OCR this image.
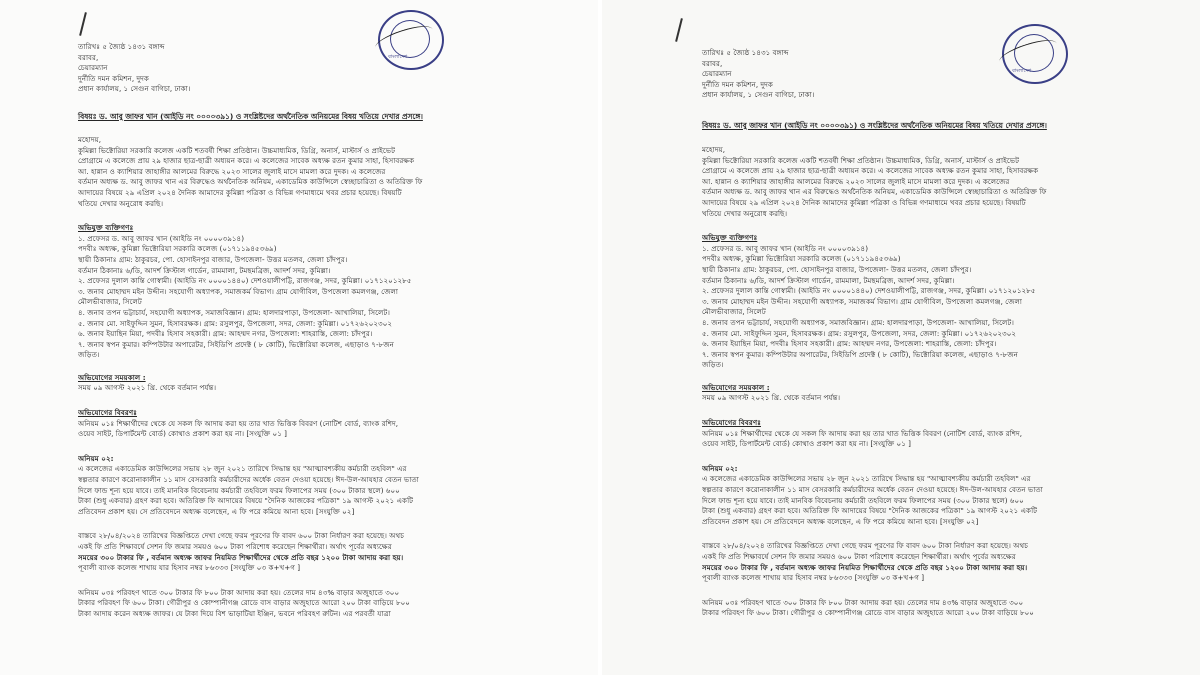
বাংলাদেশ
তারিখঃ ৫ জ্যৈষ্ঠ ১৪৩১ বঙ্গাব্দ
বরাবর,
চেয়ারম্যান
দুর্নীতি দমন কমিশন, দুদক
প্রধান কার্যালয়, ১ সেগুন বাগিচা, ঢাকা।
বিষয়ঃ ড. আবু জাফর খান (আইডি নং ০০০০৩৯১) ও সংশ্লিষ্টদের অর্থনৈতিক অনিয়মের বিষয় খতিয়ে দেখার প্রসঙ্গে।
মহোদয়,
কুমিল্লা ভিক্টোরিয়া সরকারি কলেজ একটি শতবর্ষী শিক্ষা প্রতিষ্ঠান। উচ্চমাধ্যমিক, ডিগ্রি, অনার্স, মাস্টার্স ও প্রাইভেট
প্রোগ্রামে এ কলেজে প্রায় ২৯ হাজার ছাত্র-ছাত্রী অধ্যয়ন করে। এ কলেজের সাবেক অধ্যক্ষ রতন কুমার সাহা, হিসাবরক্ষক
আ. হান্নান ও ক্যাশিয়ার জাহাঙ্গীর আলমের বিরুদ্ধে ২০২৩ সালের জুলাই মাসে মামলা করে দুদক। এ কলেজের
বর্তমান অধ্যক্ষ ড. আবু জাফর খান এর বিরুদ্ধেও অর্থনৈতিক অনিয়ম, একাডেমিক কাউন্সিলে স্বেচ্ছাচারিতা ও অতিরিক্ত ফি
আদায়ের বিষয়ে ২৯ এপ্রিল ২০২৪ দৈনিক আমাদের কুমিল্লা পত্রিকা ও বিভিন্ন গণমাধ্যমে খবর প্রচার হয়েছে। বিষয়টি
খতিয়ে দেখার অনুরোধ করছি।
অভিযুক্ত ব্যক্তিগণঃ
১. প্রফেসর ড. আবু জাফর খান (আইডি নং ০০০০৩৯১৪)
পদবীঃ অধ্যক্ষ, কুমিল্লা ভিক্টোরিয়া সরকারি কলেজ (০১৭১১৯৪৫৩৬৯)
স্থায়ী ঠিকানাঃ গ্রাম: ঠাকুরচর, পো. হোসাইনপুর বাজার, উপজেলা- উত্তর মতলব, জেলা চাঁদপুর।
বর্তমান ঠিকানাঃ ৬/ডি, আদর্শ ক্রিস্টাল গার্ডেন, রামমালা, টমছমব্রিজ, আদর্শ সদর, কুমিল্লা।
২. প্রফেসর দুলাল কান্তি গোস্বামী। (আইডি নং ০০০০১৪৪০) দেশওয়ালীপট্টি, রাজগঞ্জ, সদর, কুমিল্লা। ০১৭১২০১২৮৫
৩. জনাব মোহাম্মদ মইন উদ্দীন। সহযোগী অধ্যাপক, সমাজকর্ম বিভাগ। গ্রাম যোগীবিল, উপজেলা কমলগঞ্জ, জেলা
মৌলভীবাজার, সিলেট
৪. জনাব তপন ভট্টাচার্য, সহযোগী অধ্যাপক, সমাজবিজ্ঞান। গ্রাম: হালদারপাড়া, উপজেলা- আখালিয়া, সিলেট।
৫. জনাব মো. সাইফুদ্দিন সুমন, হিসাবরক্ষক। গ্রাম: রসুলপুর, উপজেলা, সদর, জেলা: কুমিল্লা। ০১৭২৬২০২৩০২
৬. জনাব ইয়াছিন মিয়া, পদবীঃ হিসাব সহকারী। গ্রাম: আহম্মদ নগর, উপজেলা: শাহরাস্তি, জেলা: চাঁদপুর।
৭. জনাব স্বপন কুমার। কম্পিউটার অপারেটর, সিইডিপি প্রদেক্ট ( ৮ কোটি), ভিক্টোরিয়া কলেজ, এছাড়াও ৭-৮জন
জড়িত।
অভিযোগের সময়কাল :
সময় ০৯ আগস্ট ২০২১ খ্রি. থেকে বর্তমান পর্যন্ত।
অভিযোগের বিবরণঃ
অনিয়ম ০১ঃ শিক্ষার্থীদের থেকে যে সকল ফি আদায় করা হয় তার খাত ভিত্তিক বিবরণ (নোটিশ বোর্ড, ব্যাংক রশিদ,
ওয়েব সাইট, ডিপার্টমেন্ট বোর্ড) কোথাও প্রকাশ করা হয় না। [সংযুক্তি ০১ ]
অনিয়ম ০২:
এ কলেজের একাডেমিক কাউন্সিলের সভায় ২৮ জুন ২০২১ তারিখে সিদ্ধান্ত হয় "আত্মাবশ্যকীয় কর্মচারী তহবিল" এর
স্বল্পতার কারণে করোনাকালীন ১১ মাস বেসরকারি কর্মচারীদের অর্ধেক বেতন দেওয়া হয়েছে। ঈদ-উল-আযহার বেতন ভাতা
দিলে ফান্ড শূন্য হয়ে যাবে। তাই মানবিক বিবেচনায় কর্মচারী তহবিলে ফরম ফিলাপের সময় (৩০০ টাকার স্থলে) ৬০০
টাকা (শুধু একবার) গ্রহণ করা হবে। অতিরিক্ত ফি আদায়ের বিষয়ে "দৈনিক আজকের পত্রিকা" ১৯ আগস্ট ২০২১ একটি
প্রতিবেদন প্রকাশ হয়। সে প্রতিবেদনে অধ্যক্ষ বলেছেন, এ ফি পরে কমিয়ে আনা হবে। [সংযুক্তি ০২]
বাস্তবে ২৮/০৪/২০২৪ তারিখের বিজ্ঞপ্তিতে দেখা গেছে ফরম পূরণের ফি বাবদ ৬০০ টাকা নির্ধারণ করা হয়েছে। অথচ
একই ফি প্রতি শিক্ষাবর্ষে সেশন ফি জমার সময়ও ৬০০ টাকা পরিশোধ করেছেন শিক্ষার্থীরা। অর্থাৎ পূর্বের অধ্যক্ষের
সময়ের ৩০০ টাকার ফি , বর্তমান অধ্যক্ষ জাফর নিয়মিত শিক্ষার্থীদের থেকে প্রতি বছর ১২০০ টাকা আদায় করা হয়।
পূবালী ব্যাংক কলেজ শাখায় যার হিসাব নম্বর ৮৬৩৩৩ [সংযুক্তি ০৩ ক+খ+গ ]
অনিয়ম ০৩ঃ পরিবহণ খাতে ৩০০ টাকার ফি ৮০০ টাকা আদায় করা হয়। তেলের দাম ৪৩% বাড়ার অজুহাতে ৩০০
টাকার পরিবহণ ফি ৬০০ টাকা। গৌরীপুর ও কোম্পানীগঞ্জ রোডে বাস বাড়ার অজুহাতে আরো ২০০ টাকা বাড়িয়ে ৮০০
টাকা আদায় করেন অধ্যক্ষ জাফর। যে টাকা দিয়ে বিশ ভাড়াটিয়া ইঞ্জিন, ভবনে পরিবহণ রুটিন। এর পরবর্তী যাত্রা
বাংলাদেশ
তারিখঃ ৫ জ্যৈষ্ঠ ১৪৩১ বঙ্গাব্দ
বরাবর,
চেয়ারম্যান
দুর্নীতি দমন কমিশন, দুদক
প্রধান কার্যালয়, ১ সেগুন বাগিচা, ঢাকা।
বিষয়ঃ ড. আবু জাফর খান (আইডি নং ০০০০৩৯১) ও সংশ্লিষ্টদের অর্থনৈতিক অনিয়মের বিষয় খতিয়ে দেখার প্রসঙ্গে।
মহোদয়,
কুমিল্লা ভিক্টোরিয়া সরকারি কলেজ একটি শতবর্ষী শিক্ষা প্রতিষ্ঠান। উচ্চমাধ্যমিক, ডিগ্রি, অনার্স, মাস্টার্স ও প্রাইভেট
প্রোগ্রামে এ কলেজে প্রায় ২৯ হাজার ছাত্র-ছাত্রী অধ্যয়ন করে। এ কলেজের সাবেক অধ্যক্ষ রতন কুমার সাহা, হিসাবরক্ষক
আ. হান্নান ও ক্যাশিয়ার জাহাঙ্গীর আলমের বিরুদ্ধে ২০২৩ সালের জুলাই মাসে মামলা করে দুদক। এ কলেজের
বর্তমান অধ্যক্ষ ড. আবু জাফর খান এর বিরুদ্ধেও অর্থনৈতিক অনিয়ম, একাডেমিক কাউন্সিলে স্বেচ্ছাচারিতা ও অতিরিক্ত ফি
আদায়ের বিষয়ে ২৯ এপ্রিল ২০২৪ দৈনিক আমাদের কুমিল্লা পত্রিকা ও বিভিন্ন গণমাধ্যমে খবর প্রচার হয়েছে। বিষয়টি
খতিয়ে দেখার অনুরোধ করছি।
অভিযুক্ত ব্যক্তিগণঃ
১. প্রফেসর ড. আবু জাফর খান (আইডি নং ০০০০৩৯১৪)
পদবীঃ অধ্যক্ষ, কুমিল্লা ভিক্টোরিয়া সরকারি কলেজ (০১৭১১৯৪৫৩৬৯)
স্থায়ী ঠিকানাঃ গ্রাম: ঠাকুরচর, পো. হোসাইনপুর বাজার, উপজেলা- উত্তর মতলব, জেলা চাঁদপুর।
বর্তমান ঠিকানাঃ ৬/ডি, আদর্শ ক্রিস্টাল গার্ডেন, রামমালা, টমছমব্রিজ, আদর্শ সদর, কুমিল্লা।
২. প্রফেসর দুলাল কান্তি গোস্বামী। (আইডি নং ০০০০১৪৪০) দেশওয়ালীপট্টি, রাজগঞ্জ, সদর, কুমিল্লা। ০১৭১২০১২৮৫
৩. জনাব মোহাম্মদ মইন উদ্দীন। সহযোগী অধ্যাপক, সমাজকর্ম বিভাগ। গ্রাম যোগীবিল, উপজেলা কমলগঞ্জ, জেলা
মৌলভীবাজার, সিলেট
৪. জনাব তপন ভট্টাচার্য, সহযোগী অধ্যাপক, সমাজবিজ্ঞান। গ্রাম: হালদারপাড়া, উপজেলা- আখালিয়া, সিলেট।
৫. জনাব মো. সাইফুদ্দিন সুমন, হিসাবরক্ষক। গ্রাম: রসুলপুর, উপজেলা, সদর, জেলা: কুমিল্লা। ০১৭২৬২০২৩০২
৬. জনাব ইয়াছিন মিয়া, পদবীঃ হিসাব সহকারী। গ্রাম: আহম্মদ নগর, উপজেলা: শাহরাস্তি, জেলা: চাঁদপুর।
৭. জনাব স্বপন কুমার। কম্পিউটার অপারেটর, সিইডিপি প্রদেক্ট ( ৮ কোটি), ভিক্টোরিয়া কলেজ, এছাড়াও ৭-৮জন
জড়িত।
অভিযোগের সময়কাল :
সময় ০৯ আগস্ট ২০২১ খ্রি. থেকে বর্তমান পর্যন্ত।
অভিযোগের বিবরণঃ
অনিয়ম ০১ঃ শিক্ষার্থীদের থেকে যে সকল ফি আদায় করা হয় তার খাত ভিত্তিক বিবরণ (নোটিশ বোর্ড, ব্যাংক রশিদ,
ওয়েব সাইট, ডিপার্টমেন্ট বোর্ড) কোথাও প্রকাশ করা হয় না। [সংযুক্তি ০১ ]
অনিয়ম ০২:
এ কলেজের একাডেমিক কাউন্সিলের সভায় ২৮ জুন ২০২১ তারিখে সিদ্ধান্ত হয় "আত্মাবশ্যকীয় কর্মচারী তহবিল" এর
স্বল্পতার কারণে করোনাকালীন ১১ মাস বেসরকারি কর্মচারীদের অর্ধেক বেতন দেওয়া হয়েছে। ঈদ-উল-আযহার বেতন ভাতা
দিলে ফান্ড শূন্য হয়ে যাবে। তাই মানবিক বিবেচনায় কর্মচারী তহবিলে ফরম ফিলাপের সময় (৩০০ টাকার স্থলে) ৬০০
টাকা (শুধু একবার) গ্রহণ করা হবে। অতিরিক্ত ফি আদায়ের বিষয়ে "দৈনিক আজকের পত্রিকা" ১৯ আগস্ট ২০২১ একটি
প্রতিবেদন প্রকাশ হয়। সে প্রতিবেদনে অধ্যক্ষ বলেছেন, এ ফি পরে কমিয়ে আনা হবে। [সংযুক্তি ০২]
বাস্তবে ২৮/০৪/২০২৪ তারিখের বিজ্ঞপ্তিতে দেখা গেছে ফরম পূরণের ফি বাবদ ৬০০ টাকা নির্ধারণ করা হয়েছে। অথচ
একই ফি প্রতি শিক্ষাবর্ষে সেশন ফি জমার সময়ও ৬০০ টাকা পরিশোধ করেছেন শিক্ষার্থীরা। অর্থাৎ পূর্বের অধ্যক্ষের
সময়ের ৩০০ টাকার ফি , বর্তমান অধ্যক্ষ জাফর নিয়মিত শিক্ষার্থীদের থেকে প্রতি বছর ১২০০ টাকা আদায় করা হয়।
পূবালী ব্যাংক কলেজ শাখায় যার হিসাব নম্বর ৮৬৩৩৩ [সংযুক্তি ০৩ ক+খ+গ ]
অনিয়ম ০৩ঃ পরিবহণ খাতে ৩০০ টাকার ফি ৮০০ টাকা আদায় করা হয়। তেলের দাম ৪৩% বাড়ার অজুহাতে ৩০০
টাকার পরিবহণ ফি ৬০০ টাকা। গৌরীপুর ও কোম্পানীগঞ্জ রোডে বাস বাড়ার অজুহাতে আরো ২০০ টাকা বাড়িয়ে ৮০০
